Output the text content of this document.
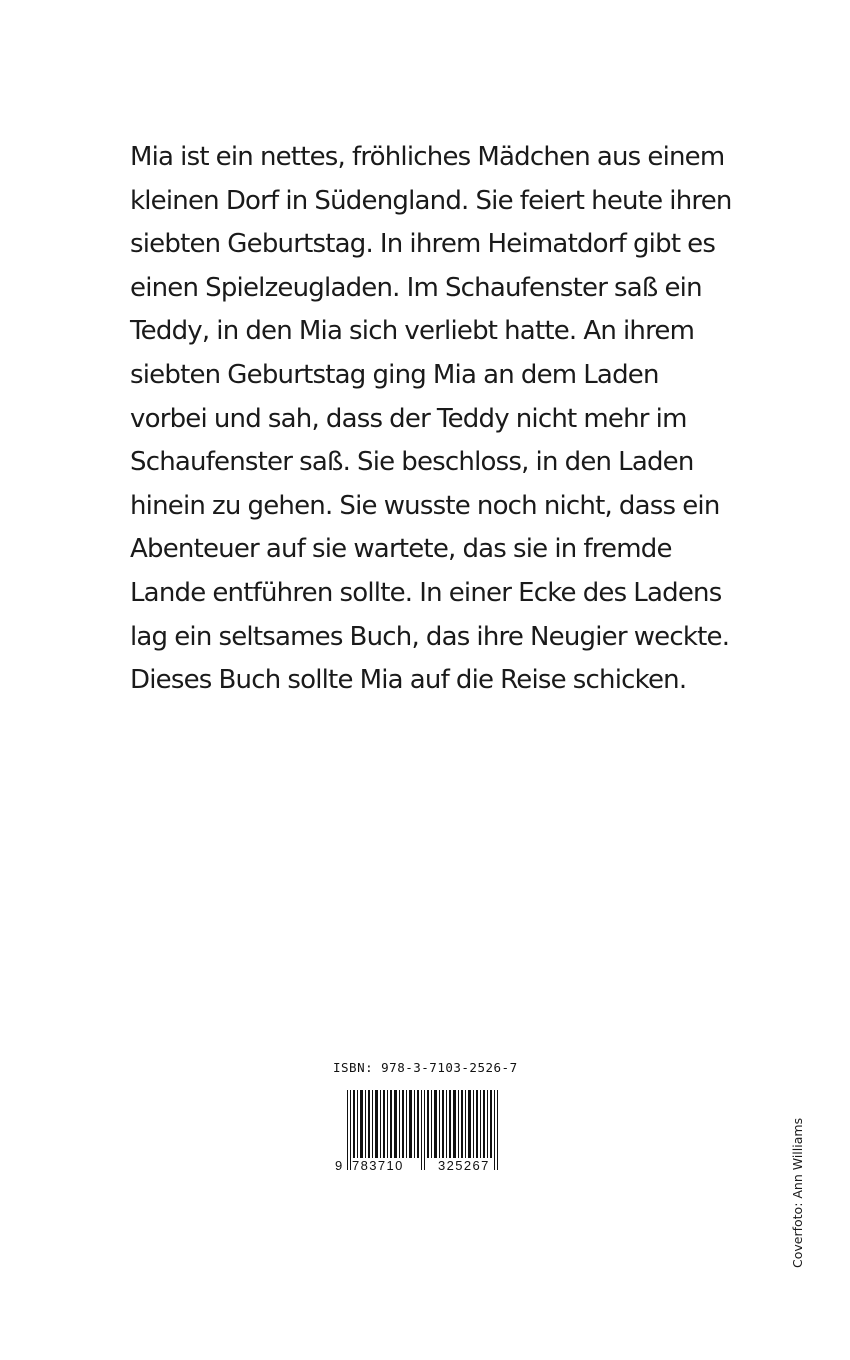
Mia ist ein nettes, fröhliches Mädchen aus einem
kleinen Dorf in Südengland. Sie feiert heute ihren
siebten Geburtstag. In ihrem Heimatdorf gibt es
einen Spielzeugladen. Im Schaufenster saß ein
Teddy, in den Mia sich verliebt hatte. An ihrem
siebten Geburtstag ging Mia an dem Laden
vorbei und sah, dass der Teddy nicht mehr im
Schaufenster saß. Sie beschloss, in den Laden
hinein zu gehen. Sie wusste noch nicht, dass ein
Abenteuer auf sie wartete, das sie in fremde
Lande entführen sollte. In einer Ecke des Ladens
lag ein seltsames Buch, das ihre Neugier weckte.
Dieses Buch sollte Mia auf die Reise schicken.
ISBN: 978-3-7103-2526-7
9 783710	325267	Coverfoto: Ann Williams
